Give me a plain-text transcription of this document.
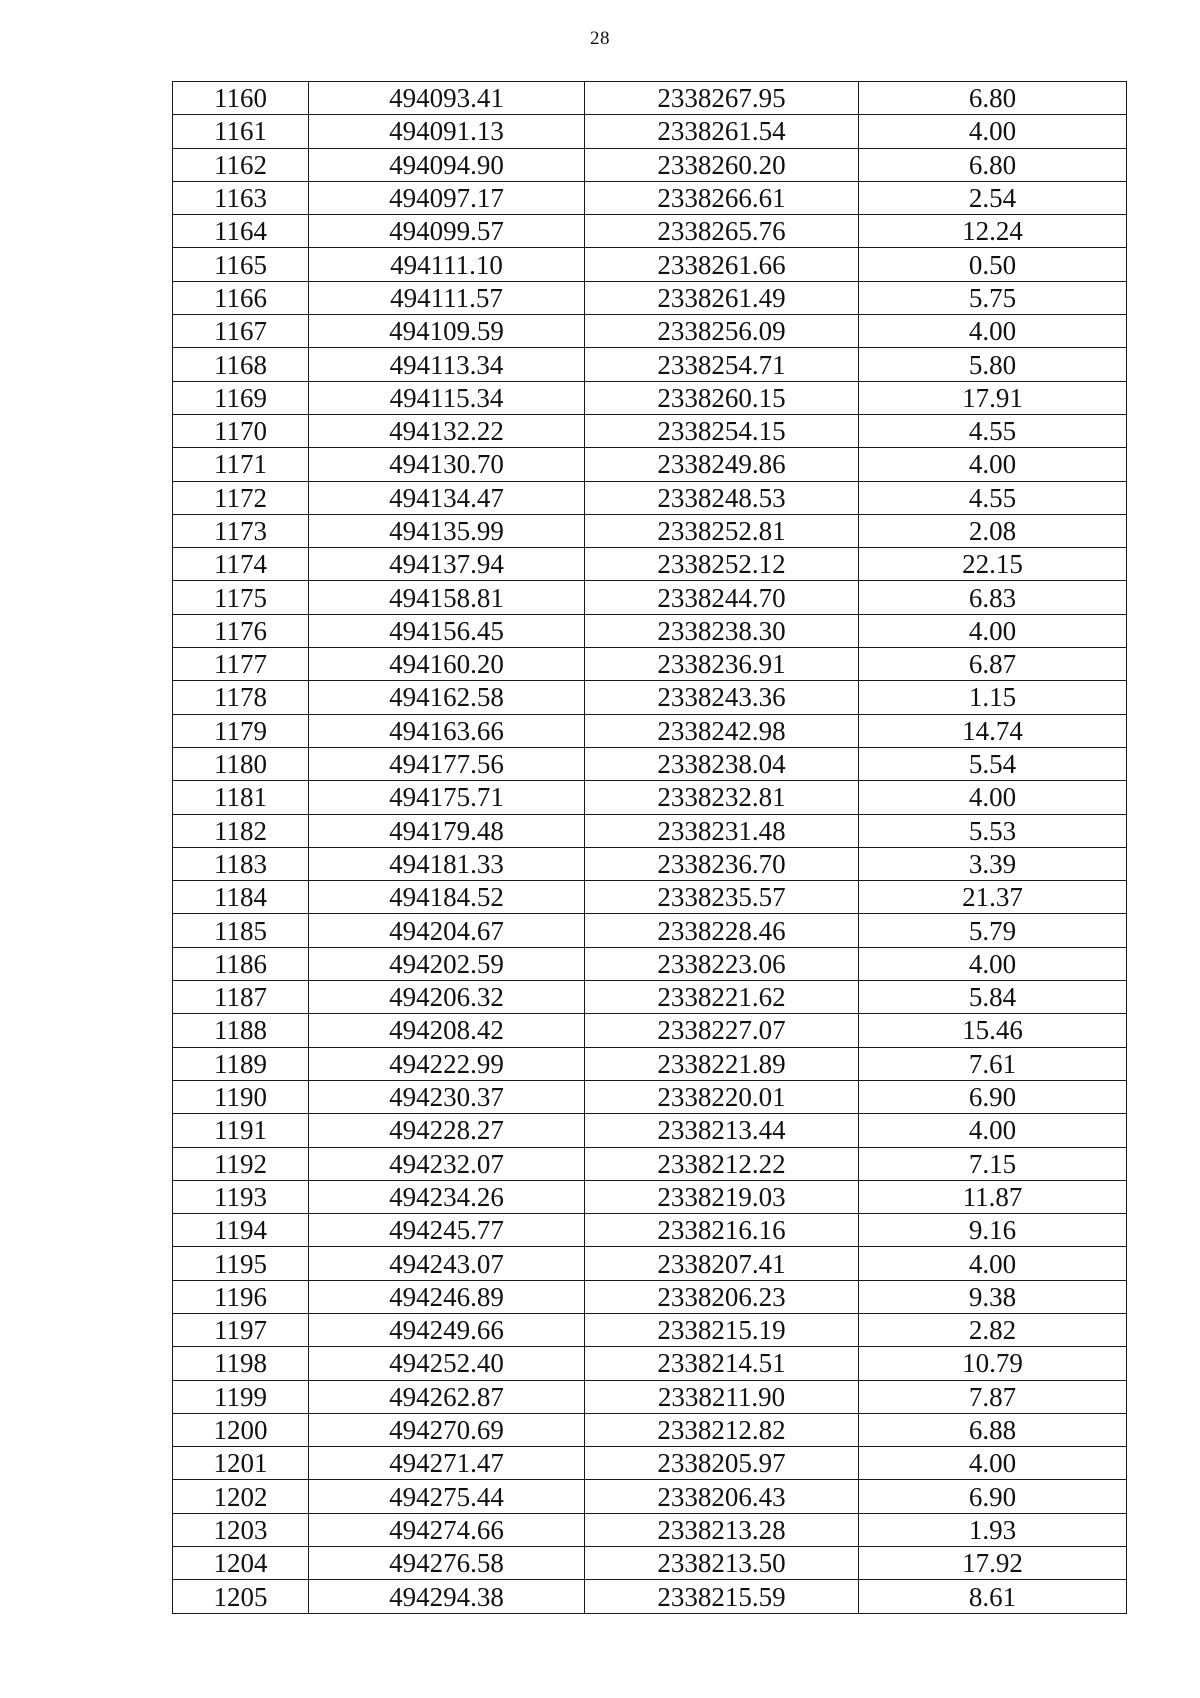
28
1160	494093.41	2338267.95	6.80
1161	494091.13	2338261.54	4.00
1162	494094.90	2338260.20	6.80
1163	494097.17	2338266.61	2.54
1164	494099.57	2338265.76	12.24
1165	494111.10	2338261.66	0.50
1166	494111.57	2338261.49	5.75
1167	494109.59	2338256.09	4.00
1168	494113.34	2338254.71	5.80
1169	494115.34	2338260.15	17.91
1170	494132.22	2338254.15	4.55
1171	494130.70	2338249.86	4.00
1172	494134.47	2338248.53	4.55
1173	494135.99	2338252.81	2.08
1174	494137.94	2338252.12	22.15
1175	494158.81	2338244.70	6.83
1176	494156.45	2338238.30	4.00
1177	494160.20	2338236.91	6.87
1178	494162.58	2338243.36	1.15
1179	494163.66	2338242.98	14.74
1180	494177.56	2338238.04	5.54
1181	494175.71	2338232.81	4.00
1182	494179.48	2338231.48	5.53
1183	494181.33	2338236.70	3.39
1184	494184.52	2338235.57	21.37
1185	494204.67	2338228.46	5.79
1186	494202.59	2338223.06	4.00
1187	494206.32	2338221.62	5.84
1188	494208.42	2338227.07	15.46
1189	494222.99	2338221.89	7.61
1190	494230.37	2338220.01	6.90
1191	494228.27	2338213.44	4.00
1192	494232.07	2338212.22	7.15
1193	494234.26	2338219.03	11.87
1194	494245.77	2338216.16	9.16
1195	494243.07	2338207.41	4.00
1196	494246.89	2338206.23	9.38
1197	494249.66	2338215.19	2.82
1198	494252.40	2338214.51	10.79
1199	494262.87	2338211.90	7.87
1200	494270.69	2338212.82	6.88
1201	494271.47	2338205.97	4.00
1202	494275.44	2338206.43	6.90
1203	494274.66	2338213.28	1.93
1204	494276.58	2338213.50	17.92
1205	494294.38	2338215.59	8.61
